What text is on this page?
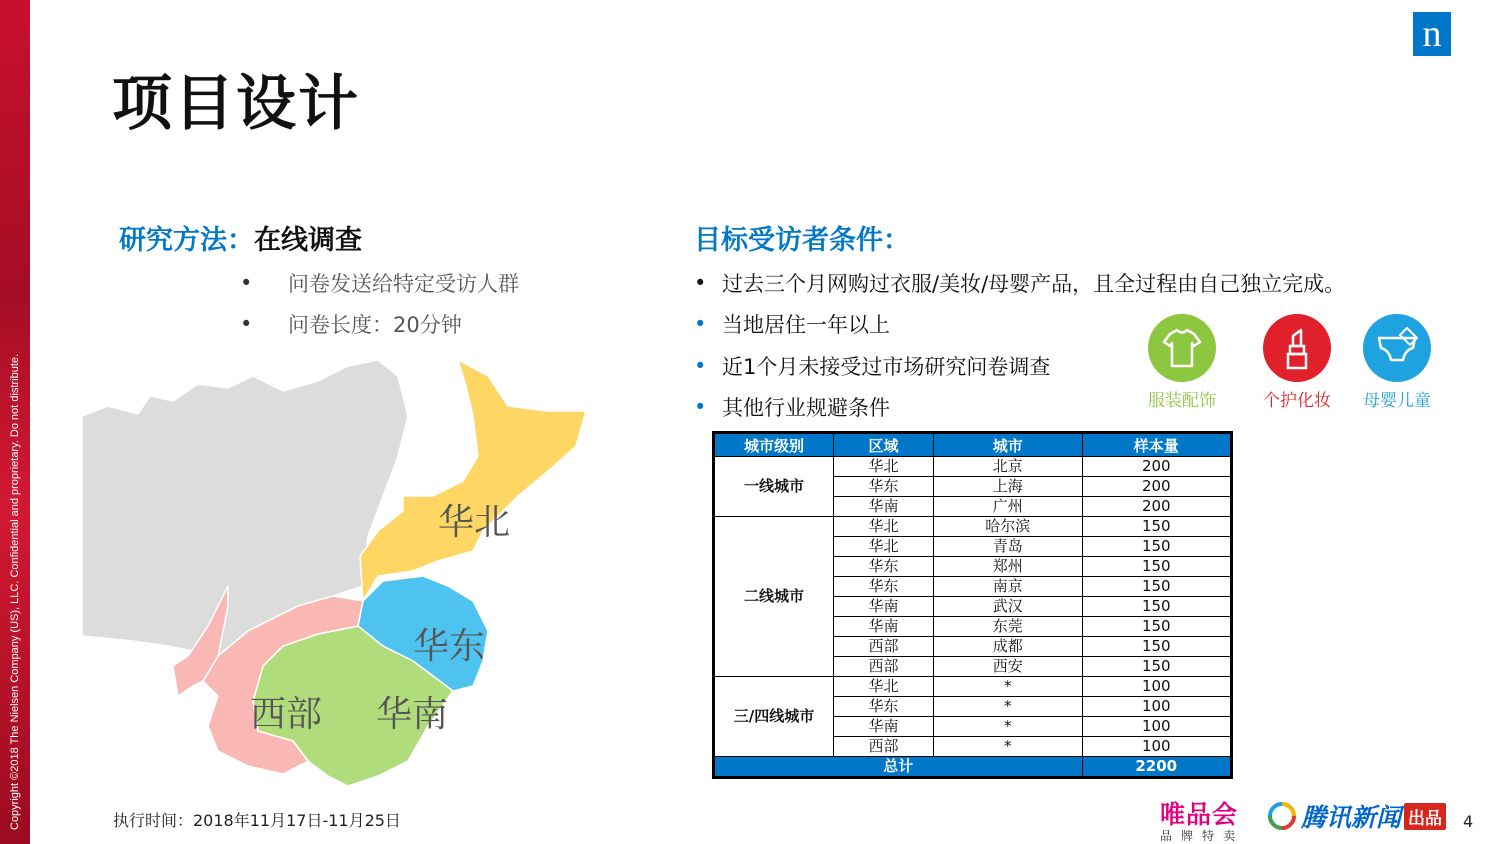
Copyright ©2018 The Nielsen Company (US), LLC. Confidential and proprietary. Do not distribute.
n
项目设计
研究方法：在线调查
•	问卷发送给特定受访人群
•	问卷长度：20分钟
目标受访者条件：
• 过去三个月网购过衣服/美妆/母婴产品，且全过程由自己独立完成。
• 当地居住一年以上
• 近1个月未接受过市场研究问卷调查
• 其他行业规避条件	服装配饰	个护化妆	母婴儿童
华北
华东
华南
西部
城市级别	区域	城市	样本量
一线城市	华北	北京	200
	华东	上海	200
	华南	广州	200
二线城市	华北	哈尔滨	150
	华北	青岛	150
	华东	郑州	150
	华东	南京	150
	华南	武汉	150
	华南	东莞	150
	西部	成都	150
	西部	西安	150
三/四线城市	华北	*	100
	华东	*	100
	华南	*	100
	西部	*	100
总计			2200
执行时间：2018年11月17日-11月25日	唯品会
品牌特卖
腾讯新闻 出品 4
